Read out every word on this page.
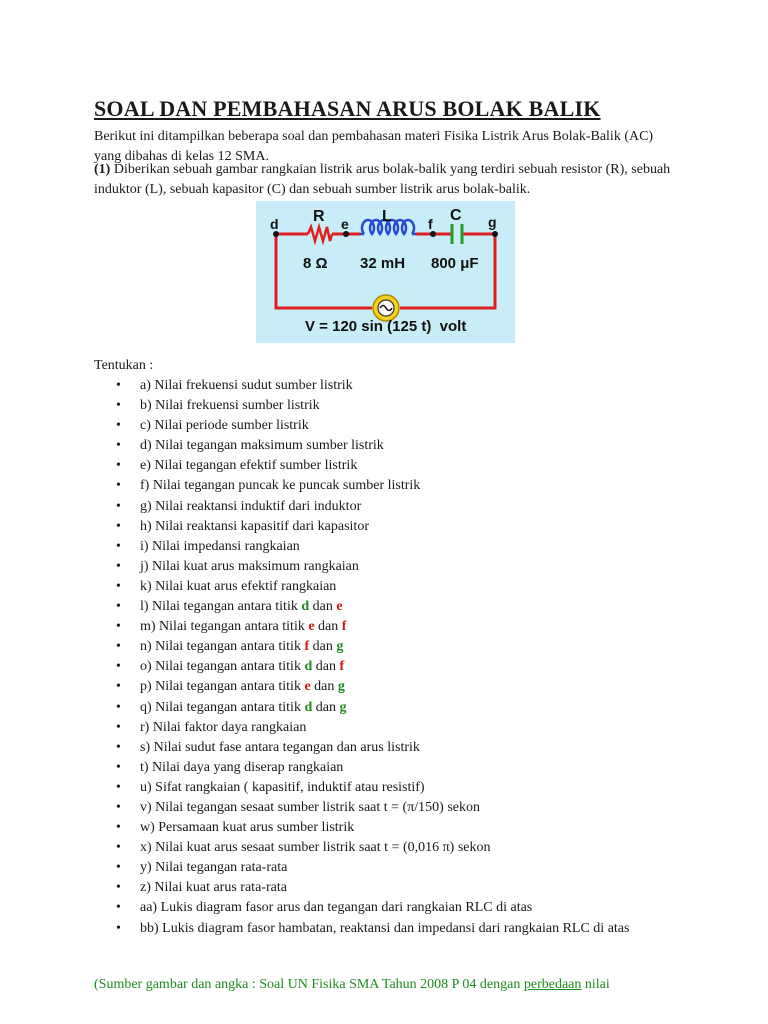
SOAL DAN PEMBAHASAN ARUS BOLAK BALIK

Berikut ini ditampilkan beberapa soal dan pembahasan materi Fisika Listrik Arus Bolak-Balik (AC) yang dibahas di kelas 12 SMA.

(1) Diberikan sebuah gambar rangkaian listrik arus bolak-balik yang terdiri sebuah resistor (R), sebuah induktor (L), sebuah kapasitor (C) dan sebuah sumber listrik arus bolak-balik.

d	e	f	g
R	L	C
8 Ω 32 mH 800 μF
V = 120 sin (125 t)  volt

Tentukan :

• a) Nilai frekuensi sudut sumber listrik
• b) Nilai frekuensi sumber listrik
• c) Nilai periode sumber listrik
• d) Nilai tegangan maksimum sumber listrik
• e) Nilai tegangan efektif sumber listrik
• f) Nilai tegangan puncak ke puncak sumber listrik
• g) Nilai reaktansi induktif dari induktor
• h) Nilai reaktansi kapasitif dari kapasitor
• i) Nilai impedansi rangkaian
• j) Nilai kuat arus maksimum rangkaian
• k) Nilai kuat arus efektif rangkaian
• l) Nilai tegangan antara titik d dan e
• m) Nilai tegangan antara titik e dan f
• n) Nilai tegangan antara titik f dan g
• o) Nilai tegangan antara titik d dan f
• p) Nilai tegangan antara titik e dan g
• q) Nilai tegangan antara titik d dan g
• r) Nilai faktor daya rangkaian
• s) Nilai sudut fase antara tegangan dan arus listrik
• t) Nilai daya yang diserap rangkaian
• u) Sifat rangkaian ( kapasitif, induktif atau resistif)
• v) Nilai tegangan sesaat sumber listrik saat t = (π/150) sekon
• w) Persamaan kuat arus sumber listrik
• x) Nilai kuat arus sesaat sumber listrik saat t = (0,016 π) sekon
• y) Nilai tegangan rata-rata
• z) Nilai kuat arus rata-rata
• aa) Lukis diagram fasor arus dan tegangan dari rangkaian RLC di atas
• bb) Lukis diagram fasor hambatan, reaktansi dan impedansi dari rangkaian RLC di atas

(Sumber gambar dan angka : Soal UN Fisika SMA Tahun 2008 P 04 dengan perbedaan nilai
